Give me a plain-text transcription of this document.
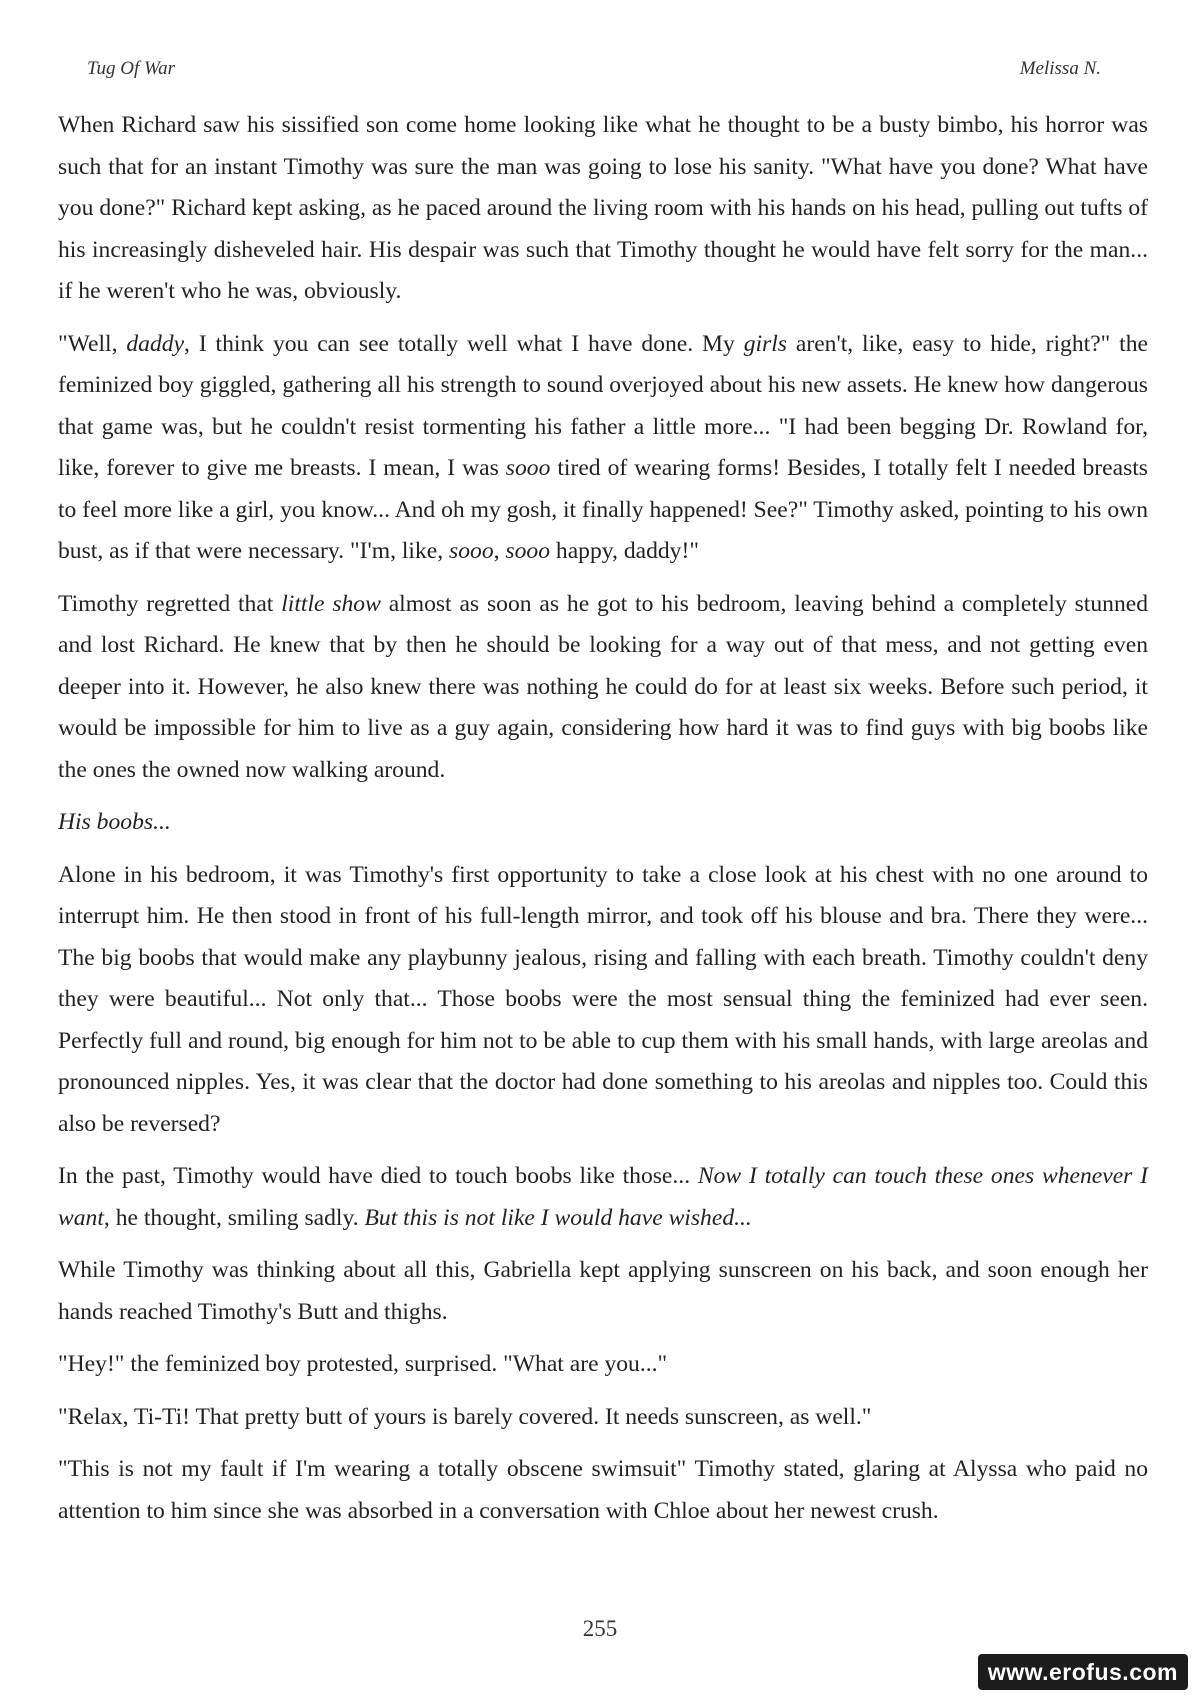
Tug Of War	Melissa N.

When Richard saw his sissified son come home looking like what he thought to be a busty bimbo, his horror was such that for an instant Timothy was sure the man was going to lose his sanity. "What have you done? What have you done?" Richard kept asking, as he paced around the living room with his hands on his head, pulling out tufts of his increasingly disheveled hair. His despair was such that Timothy thought he would have felt sorry for the man... if he weren't who he was, obviously.

"Well, daddy, I think you can see totally well what I have done. My girls aren't, like, easy to hide, right?" the feminized boy giggled, gathering all his strength to sound overjoyed about his new assets. He knew how dangerous that game was, but he couldn't resist tormenting his father a little more... "I had been begging Dr. Rowland for, like, forever to give me breasts. I mean, I was sooo tired of wearing forms! Besides, I totally felt I needed breasts to feel more like a girl, you know... And oh my gosh, it finally happened! See?" Timothy asked, pointing to his own bust, as if that were necessary. "I'm, like, sooo, sooo happy, daddy!"

Timothy regretted that little show almost as soon as he got to his bedroom, leaving behind a completely stunned and lost Richard. He knew that by then he should be looking for a way out of that mess, and not getting even deeper into it. However, he also knew there was nothing he could do for at least six weeks. Before such period, it would be impossible for him to live as a guy again, considering how hard it was to find guys with big boobs like the ones the owned now walking around.

His boobs...

Alone in his bedroom, it was Timothy's first opportunity to take a close look at his chest with no one around to interrupt him. He then stood in front of his full-length mirror, and took off his blouse and bra. There they were... The big boobs that would make any playbunny jealous, rising and falling with each breath. Timothy couldn't deny they were beautiful... Not only that... Those boobs were the most sensual thing the feminized had ever seen. Perfectly full and round, big enough for him not to be able to cup them with his small hands, with large areolas and pronounced nipples. Yes, it was clear that the doctor had done something to his areolas and nipples too. Could this also be reversed?

In the past, Timothy would have died to touch boobs like those... Now I totally can touch these ones whenever I want, he thought, smiling sadly. But this is not like I would have wished...

While Timothy was thinking about all this, Gabriella kept applying sunscreen on his back, and soon enough her hands reached Timothy's Butt and thighs.

"Hey!" the feminized boy protested, surprised. "What are you..."

"Relax, Ti-Ti! That pretty butt of yours is barely covered. It needs sunscreen, as well."

"This is not my fault if I'm wearing a totally obscene swimsuit" Timothy stated, glaring at Alyssa who paid no attention to him since she was absorbed in a conversation with Chloe about her newest crush.

255
www.erofus.com
